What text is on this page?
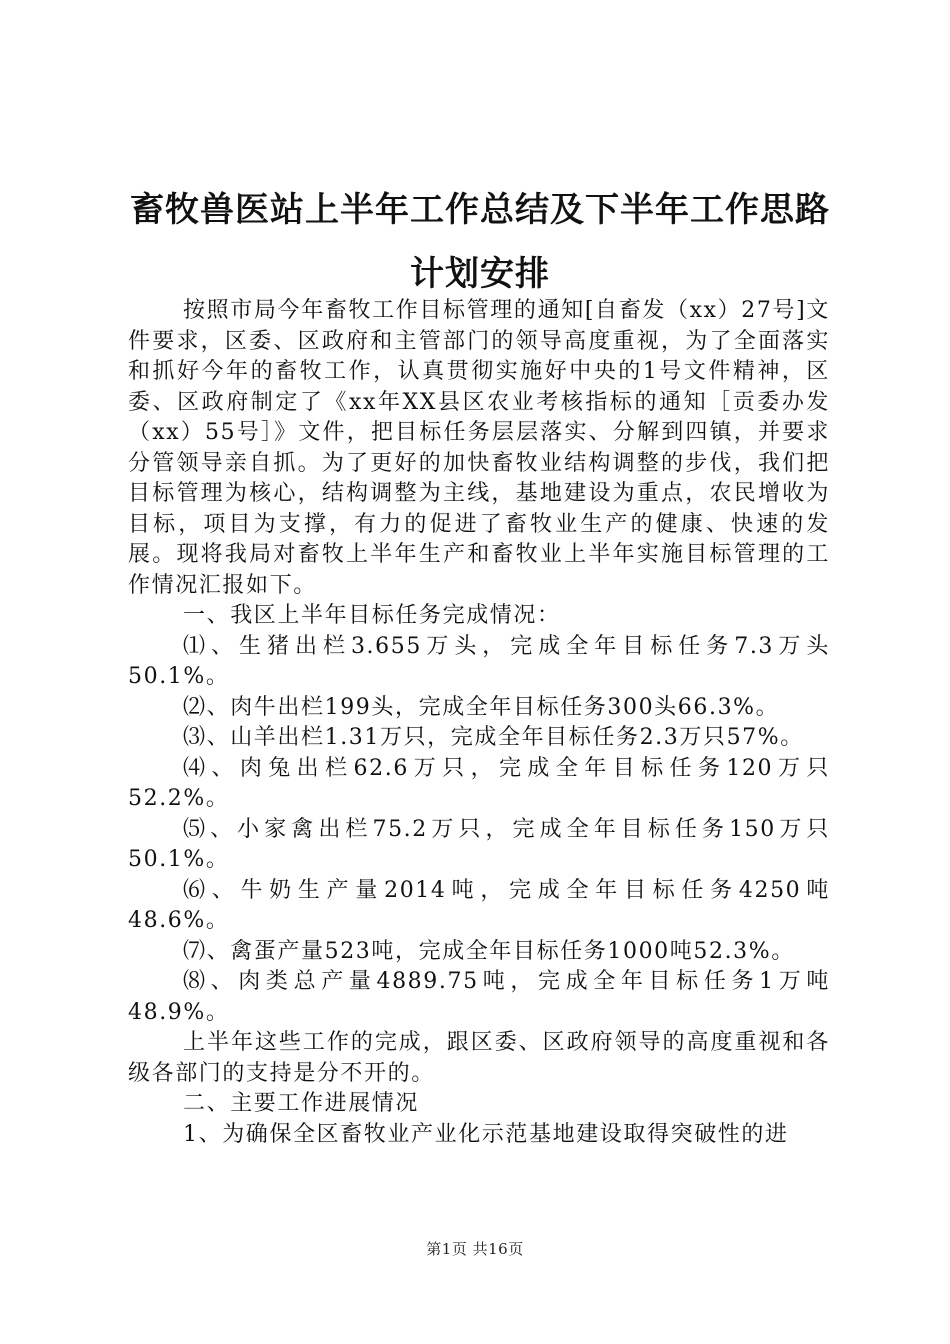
畜牧兽医站上半年工作总结及下半年工作思路计划安排

按照市局今年畜牧工作目标管理的通知[自畜发（xx）27号]文件要求，区委、区政府和主管部门的领导高度重视，为了全面落实和抓好今年的畜牧工作，认真贯彻实施好中央的1号文件精神，区委、区政府制定了《xx年XX县区农业考核指标的通知［贡委办发（xx）55号］》文件，把目标任务层层落实、分解到四镇，并要求分管领导亲自抓。为了更好的加快畜牧业结构调整的步伐，我们把目标管理为核心，结构调整为主线，基地建设为重点，农民增收为目标，项目为支撑，有力的促进了畜牧业生产的健康、快速的发展。现将我局对畜牧上半年生产和畜牧业上半年实施目标管理的工作情况汇报如下。

一、我区上半年目标任务完成情况：

⑴、生猪出栏3.655万头，完成全年目标任务7.3万头50.1%。

⑵、肉牛出栏199头，完成全年目标任务300头66.3%。

⑶、山羊出栏1.31万只，完成全年目标任务2.3万只57%。

⑷、肉兔出栏62.6万只，完成全年目标任务120万只52.2%。

⑸、小家禽出栏75.2万只，完成全年目标任务150万只50.1%。

⑹、牛奶生产量2014吨，完成全年目标任务4250吨48.6%。

⑺、禽蛋产量523吨，完成全年目标任务1000吨52.3%。

⑻、肉类总产量4889.75吨，完成全年目标任务1万吨48.9%。

上半年这些工作的完成，跟区委、区政府领导的高度重视和各级各部门的支持是分不开的。

二、主要工作进展情况

1、为确保全区畜牧业产业化示范基地建设取得突破性的进

第1页 共16页
